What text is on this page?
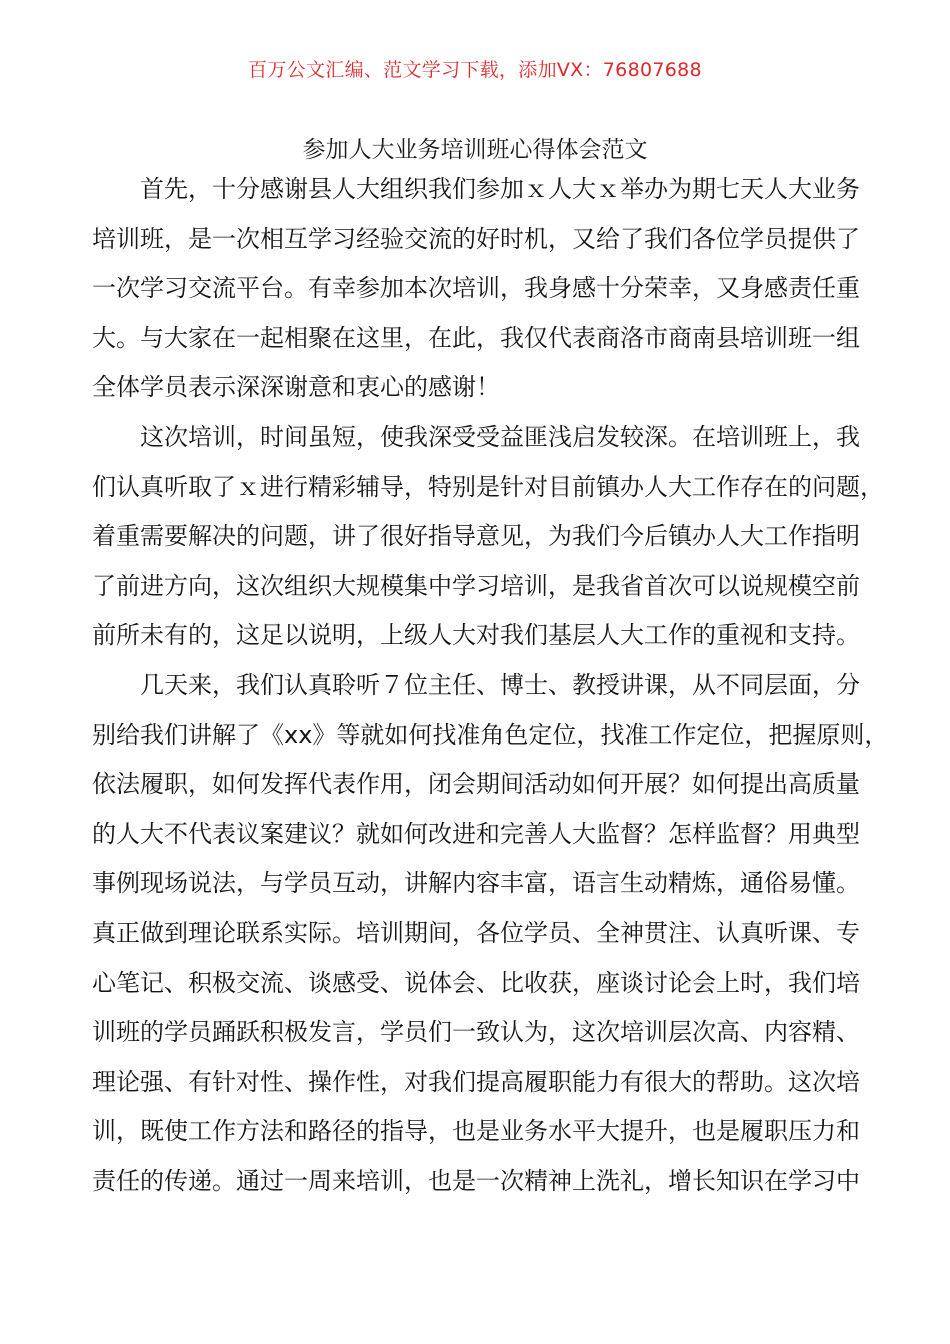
百万公文汇编、范文学习下载，添加VX：76807688
参加人大业务培训班心得体会范文
首先，十分感谢县人大组织我们参加ｘ人大ｘ举办为期七天人大业务
培训班，是一次相互学习经验交流的好时机，又给了我们各位学员提供了
一次学习交流平台。有幸参加本次培训，我身感十分荣幸，又身感责任重
大。与大家在一起相聚在这里，在此，我仅代表商洛市商南县培训班一组
全体学员表示深深谢意和衷心的感谢！
这次培训，时间虽短，使我深受受益匪浅启发较深。在培训班上，我
们认真听取了ｘ进行精彩辅导，特别是针对目前镇办人大工作存在的问题，
着重需要解决的问题，讲了很好指导意见，为我们今后镇办人大工作指明
了前进方向，这次组织大规模集中学习培训，是我省首次可以说规模空前
前所未有的，这足以说明，上级人大对我们基层人大工作的重视和支持。
几天来，我们认真聆听７位主任、博士、教授讲课，从不同层面，分
别给我们讲解了《xx》等就如何找准角色定位，找准工作定位，把握原则，
依法履职，如何发挥代表作用，闭会期间活动如何开展？如何提出高质量
的人大不代表议案建议？就如何改进和完善人大监督？怎样监督？用典型
事例现场说法，与学员互动，讲解内容丰富，语言生动精炼，通俗易懂。
真正做到理论联系实际。培训期间，各位学员、全神贯注、认真听课、专
心笔记、积极交流、谈感受、说体会、比收获，座谈讨论会上时，我们培
训班的学员踊跃积极发言，学员们一致认为，这次培训层次高、内容精、
理论强、有针对性、操作性，对我们提高履职能力有很大的帮助。这次培
训，既使工作方法和路径的指导，也是业务水平大提升，也是履职压力和
责任的传递。通过一周来培训，也是一次精神上洗礼，增长知识在学习中
